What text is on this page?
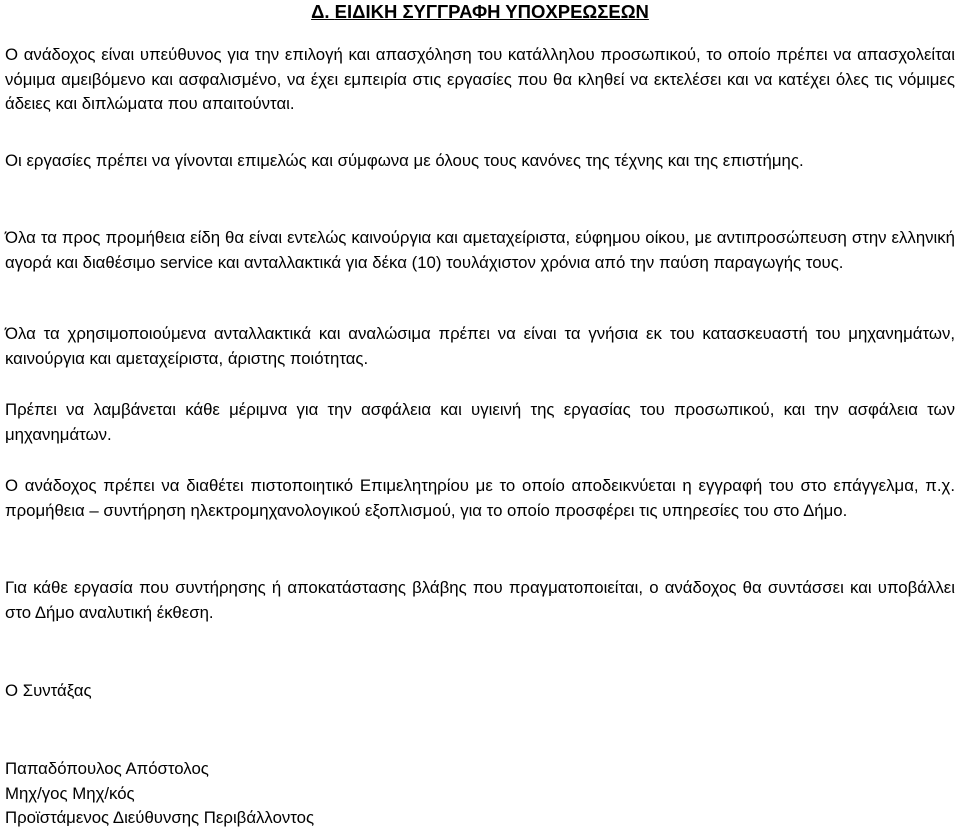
Δ. ΕΙΔΙΚΗ ΣΥΓΓΡΑΦΗ ΥΠΟΧΡΕΩΣΕΩΝ

Ο ανάδοχος είναι υπεύθυνος για την επιλογή και απασχόληση του κατάλληλου προσωπικού, το οποίο πρέπει να απασχολείται νόμιμα αμειβόμενο και ασφαλισμένο, να έχει εμπειρία στις εργασίες που θα κληθεί να εκτελέσει και να κατέχει όλες τις νόμιμες άδειες και διπλώματα που απαιτούνται.

Οι εργασίες πρέπει να γίνονται επιμελώς και σύμφωνα με όλους τους κανόνες της τέχνης και της επιστήμης.

Όλα τα προς προμήθεια είδη θα είναι εντελώς καινούργια και αμεταχείριστα, εύφημου οίκου, με αντιπροσώπευση στην ελληνική αγορά και διαθέσιμο service και ανταλλακτικά για δέκα (10) τουλάχιστον χρόνια από την παύση παραγωγής τους.

Όλα τα χρησιμοποιούμενα ανταλλακτικά και αναλώσιμα πρέπει να είναι τα γνήσια εκ του κατασκευαστή του μηχανημάτων, καινούργια και αμεταχείριστα, άριστης ποιότητας.

Πρέπει να λαμβάνεται κάθε μέριμνα για την ασφάλεια και υγιεινή της εργασίας του προσωπικού, και την ασφάλεια των μηχανημάτων.

Ο ανάδοχος πρέπει να διαθέτει πιστοποιητικό Επιμελητηρίου με το οποίο αποδεικνύεται η εγγραφή του στο επάγγελμα, π.χ. προμήθεια – συντήρηση ηλεκτρομηχανολογικού εξοπλισμού, για το οποίο προσφέρει τις υπηρεσίες του στο Δήμο.

Για κάθε εργασία που συντήρησης ή αποκατάστασης βλάβης που πραγματοποιείται, ο ανάδοχος θα συντάσσει και υποβάλλει στο Δήμο αναλυτική έκθεση.

Ο Συντάξας

Παπαδόπουλος Απόστολος
Μηχ/γος Μηχ/κός
Προϊστάμενος Διεύθυνσης Περιβάλλοντος
